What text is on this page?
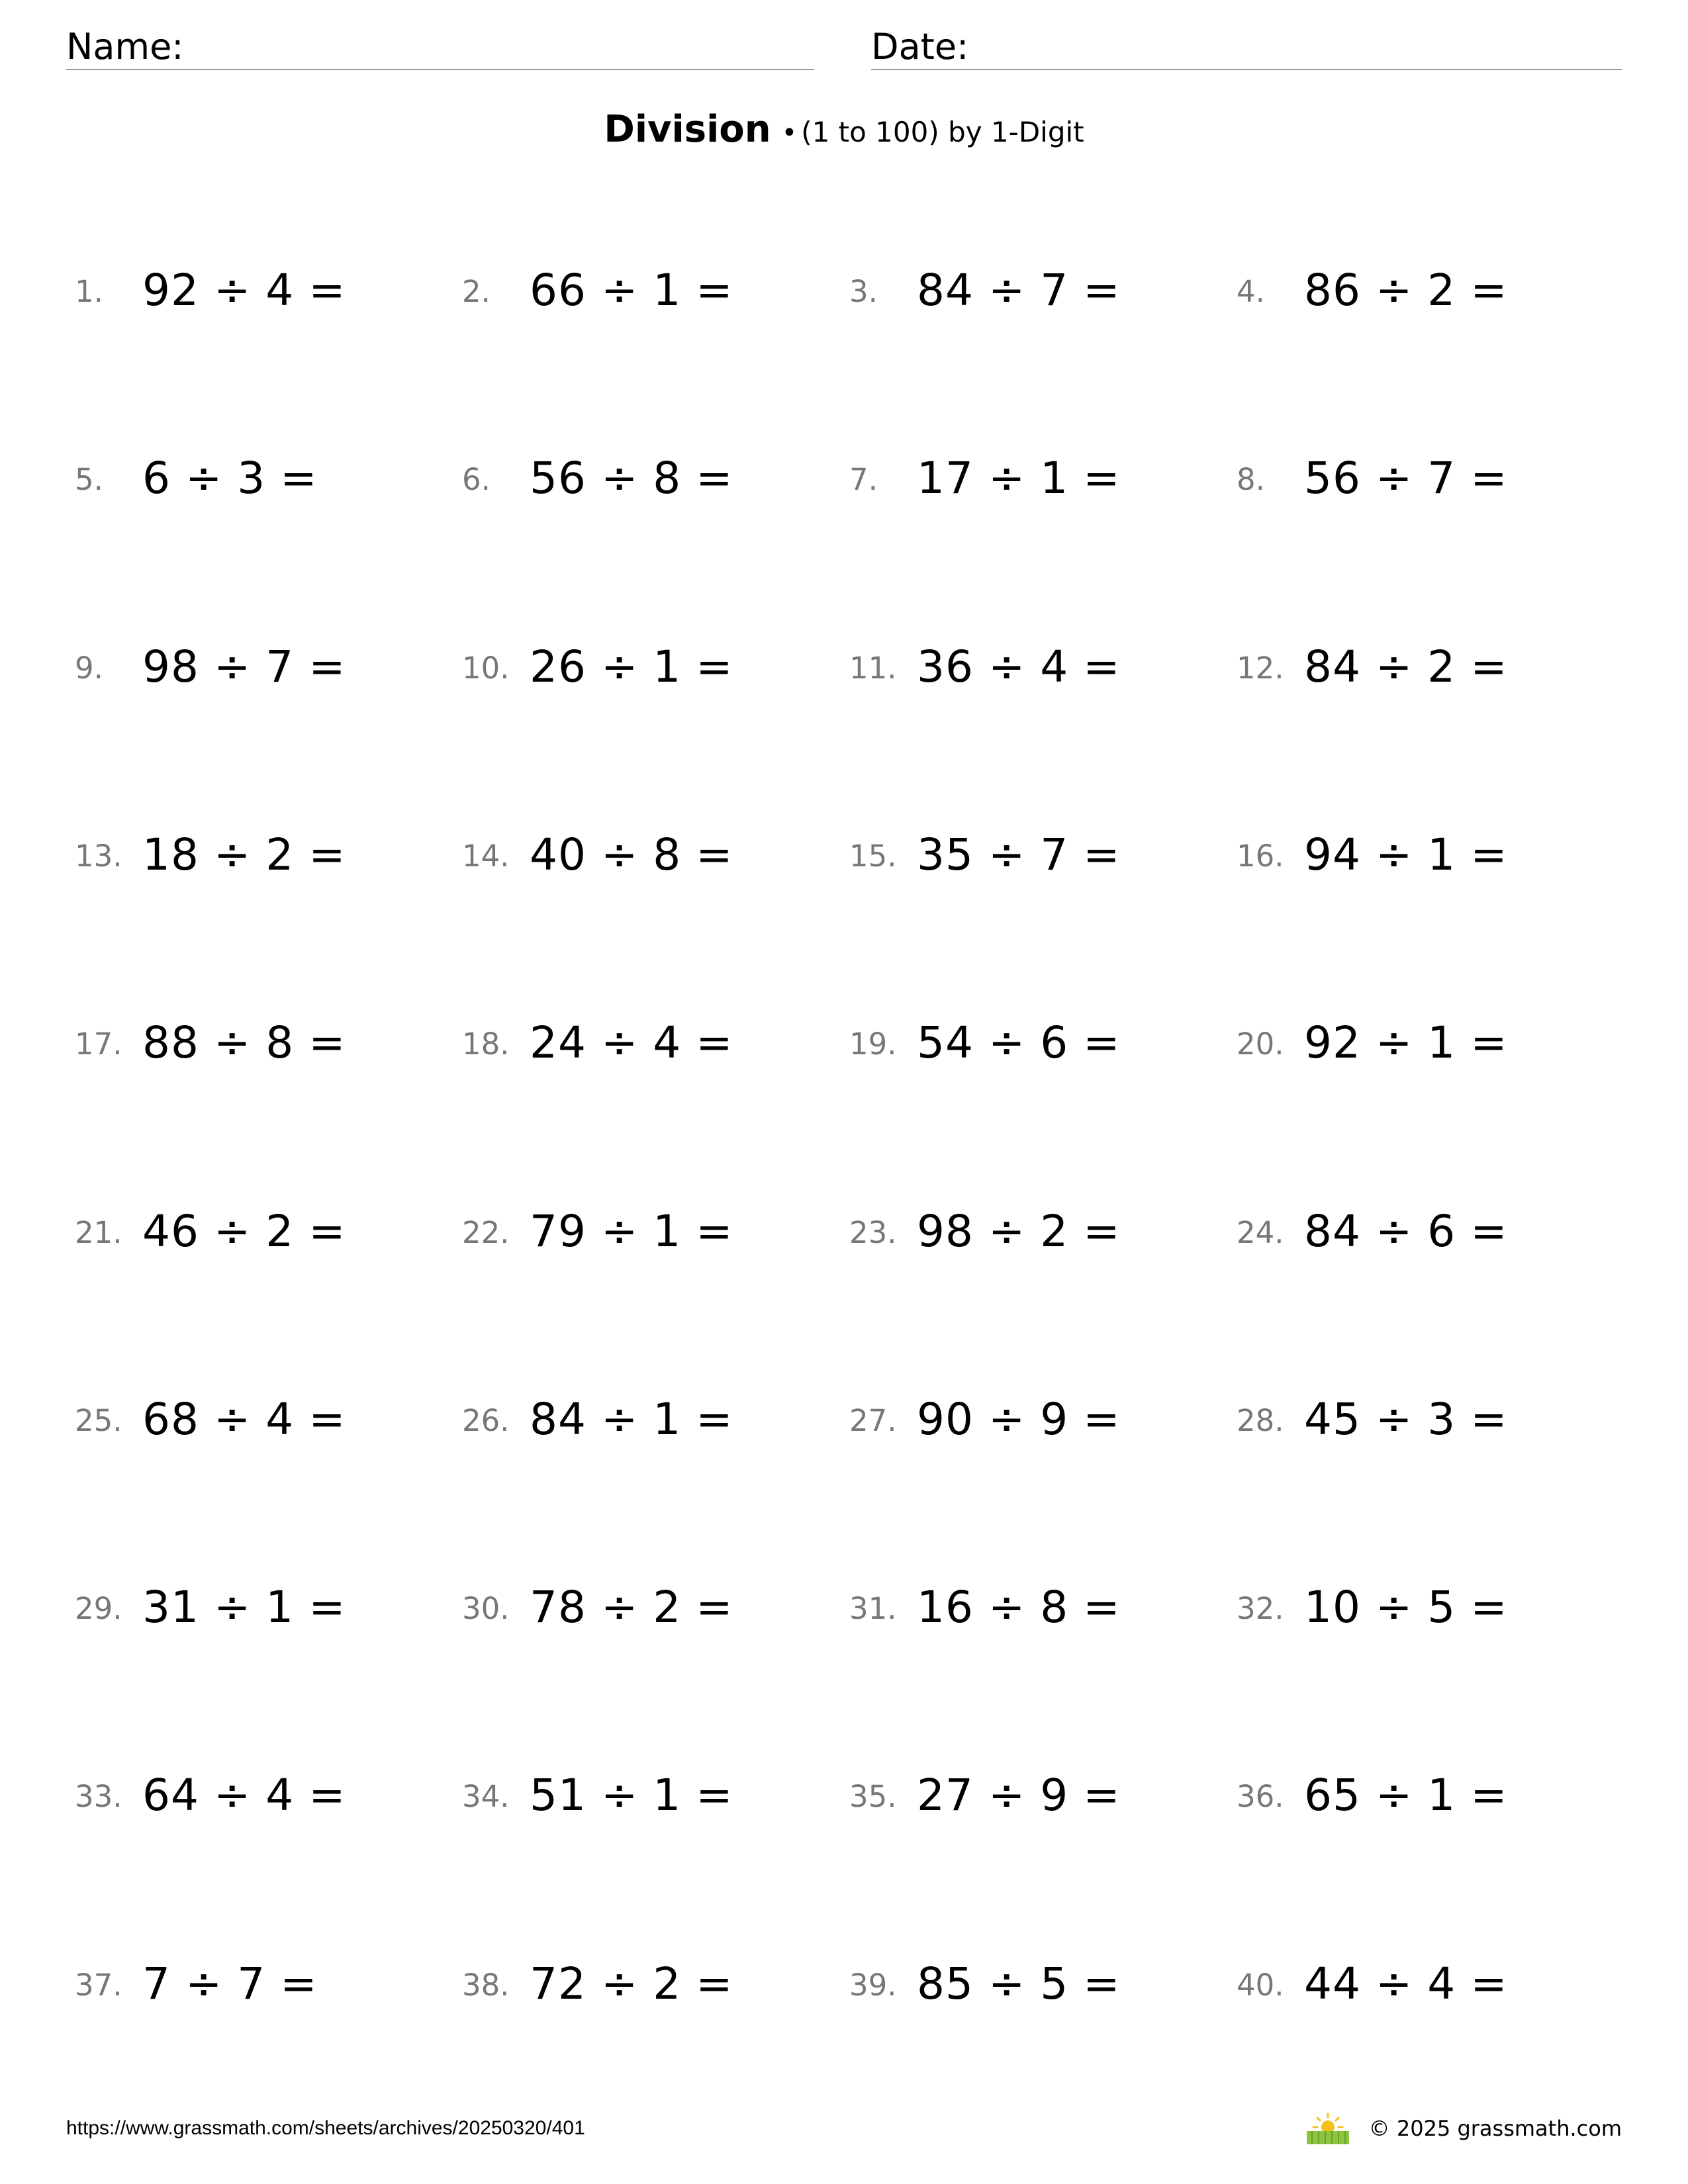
Name:	Date:
Division • (1 to 100) by 1-Digit
1. 92 ÷ 4 =	2. 66 ÷ 1 =	3. 84 ÷ 7 =	4. 86 ÷ 2 =
5. 6 ÷ 3 =	6. 56 ÷ 8 =	7. 17 ÷ 1 =	8. 56 ÷ 7 =
9. 98 ÷ 7 =	10. 26 ÷ 1 =	11. 36 ÷ 4 =	12. 84 ÷ 2 =
13. 18 ÷ 2 =	14. 40 ÷ 8 =	15. 35 ÷ 7 =	16. 94 ÷ 1 =
17. 88 ÷ 8 =	18. 24 ÷ 4 =	19. 54 ÷ 6 =	20. 92 ÷ 1 =
21. 46 ÷ 2 =	22. 79 ÷ 1 =	23. 98 ÷ 2 =	24. 84 ÷ 6 =
25. 68 ÷ 4 =	26. 84 ÷ 1 =	27. 90 ÷ 9 =	28. 45 ÷ 3 =
29. 31 ÷ 1 =	30. 78 ÷ 2 =	31. 16 ÷ 8 =	32. 10 ÷ 5 =
33. 64 ÷ 4 =	34. 51 ÷ 1 =	35. 27 ÷ 9 =	36. 65 ÷ 1 =
37. 7 ÷ 7 =	38. 72 ÷ 2 =	39. 85 ÷ 5 =	40. 44 ÷ 4 =
https://www.grassmath.com/sheets/archives/20250320/401	© 2025 grassmath.com
